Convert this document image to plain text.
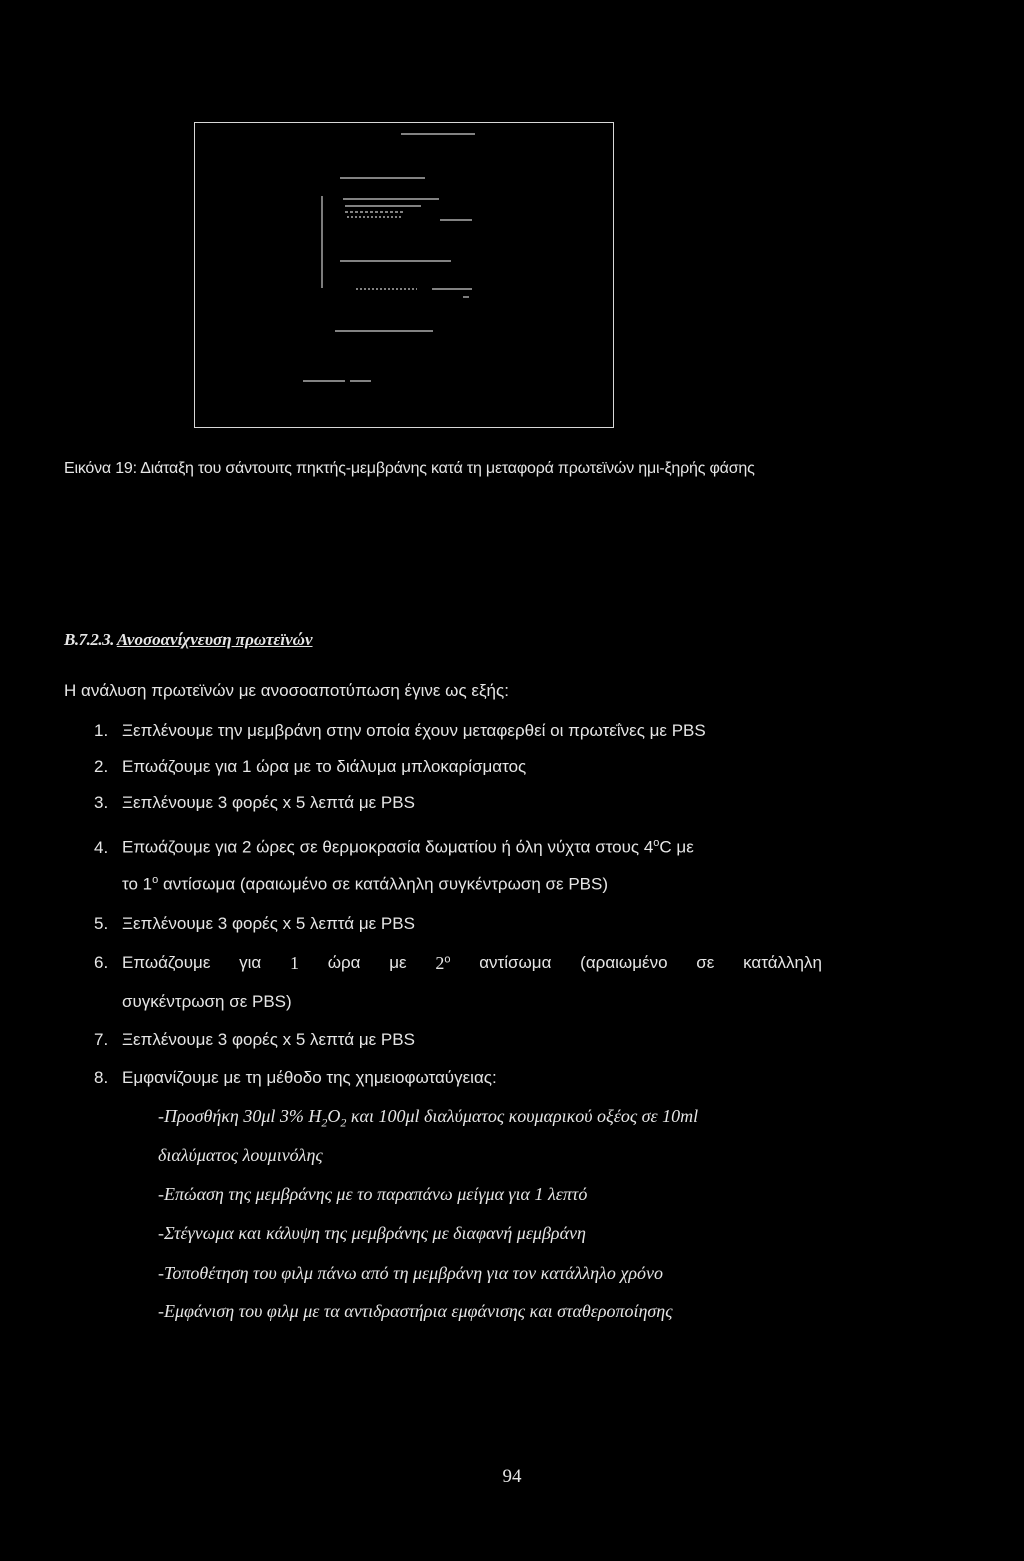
Εικόνα 19: Διάταξη του σάντουιτς πηκτής-μεμβράνης κατά τη μεταφορά πρωτεϊνών ημι-ξηρής φάσης
B.7.2.3. Ανοσοανίχνευση πρωτεϊνών
Η ανάλυση πρωτεϊνών με ανοσοαποτύπωση έγινε ως εξής:
1. Ξεπλένουμε την μεμβράνη στην οποία έχουν μεταφερθεί οι πρωτεΐνες με PBS
2. Επωάζουμε για 1 ώρα με το διάλυμα μπλοκαρίσματος
3. Ξεπλένουμε 3 φορές x 5 λεπτά με PBS
4. Επωάζουμε για 2 ώρες σε θερμοκρασία δωματίου ή όλη νύχτα στους 4$^o$C με
το 1$^o$ αντίσωμα (αραιωμένο σε κατάλληλη συγκέντρωση σε PBS)
5. Ξεπλένουμε 3 φορές x 5 λεπτά με PBS
6. Επωάζουμε για 1 ώρα με 2$^o$ αντίσωμα (αραιωμένο σε κατάλληλη
συγκέντρωση σε PBS)
7. Ξεπλένουμε 3 φορές x 5 λεπτά με PBS
8. Εμφανίζουμε με τη μέθοδο της χημειοφωταύγειας:
-Προσθήκη 30μl 3% $H_2O_2$ και 100μl διαλύματος κουμαρικού οξέος σε 10ml
διαλύματος λουμινόλης
-Επώαση της μεμβράνης με το παραπάνω μείγμα για 1 λεπτό
-Στέγνωμα και κάλυψη της μεμβράνης με διαφανή μεμβράνη
-Τοποθέτηση του φιλμ πάνω από τη μεμβράνη για τον κατάλληλο χρόνο
-Εμφάνιση του φιλμ με τα αντιδραστήρια εμφάνισης και σταθεροποίησης
94
